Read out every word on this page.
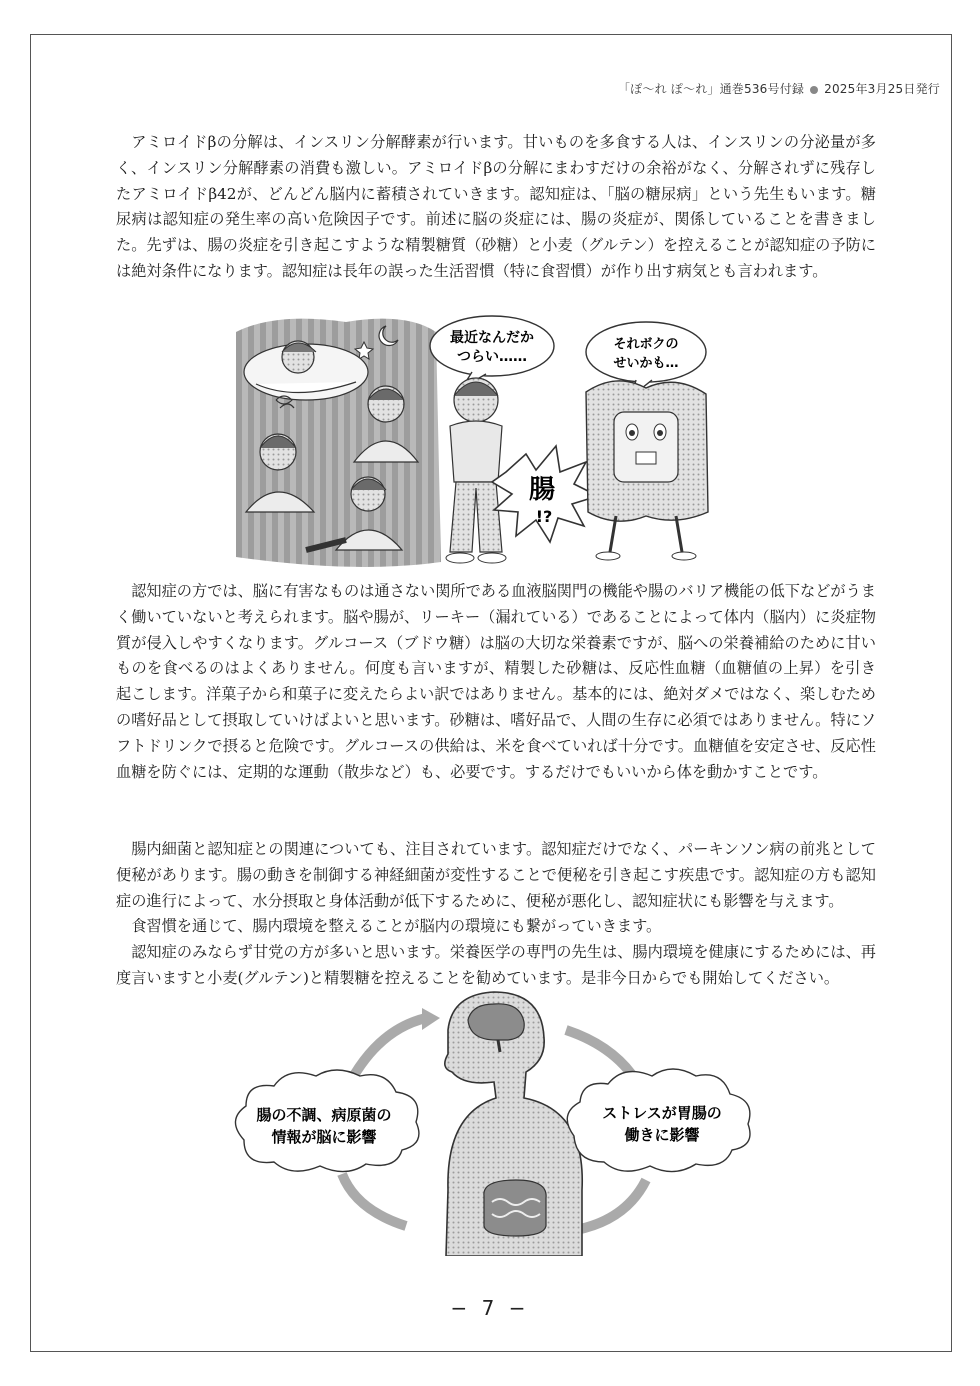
「ぽ〜れ ぽ〜れ」通巻536号付録 2025年3月25日発行

アミロイドβの分解は、インスリン分解酵素が行います。甘いものを多食する人は、インスリンの分泌量が多く、インスリン分解酵素の消費も激しい。アミロイドβの分解にまわすだけの余裕がなく、分解されずに残存したアミロイドβ42が、どんどん脳内に蓄積されていきます。認知症は、「脳の糖尿病」という先生もいます。糖尿病は認知症の発生率の高い危険因子です。前述に脳の炎症には、腸の炎症が、関係していることを書きました。先ずは、腸の炎症を引き起こすような精製糖質（砂糖）と小麦（グルテン）を控えることが認知症の予防には絶対条件になります。認知症は長年の誤った生活習慣（特に食習慣）が作り出す病気とも言われます。

最近なんだか
つらい……
それボクの
せいかも…
腸
!?

認知症の方では、脳に有害なものは通さない関所である血液脳関門の機能や腸のバリア機能の低下などがうまく働いていないと考えられます。脳や腸が、リーキー（漏れている）であることによって体内（脳内）に炎症物質が侵入しやすくなります。グルコース（ブドウ糖）は脳の大切な栄養素ですが、脳への栄養補給のために甘いものを食べるのはよくありません。何度も言いますが、精製した砂糖は、反応性血糖（血糖値の上昇）を引き起こします。洋菓子から和菓子に変えたらよい訳ではありません。基本的には、絶対ダメではなく、楽しむための嗜好品として摂取していけばよいと思います。砂糖は、嗜好品で、人間の生存に必須ではありません。特にソフトドリンクで摂ると危険です。グルコースの供給は、米を食べていれば十分です。血糖値を安定させ、反応性血糖を防ぐには、定期的な運動（散歩など）も、必要です。するだけでもいいから体を動かすことです。

腸内細菌と認知症との関連についても、注目されています。認知症だけでなく、パーキンソン病の前兆として便秘があります。腸の動きを制御する神経細菌が変性することで便秘を引き起こす疾患です。認知症の方も認知症の進行によって、水分摂取と身体活動が低下するために、便秘が悪化し、認知症状にも影響を与えます。

食習慣を通じて、腸内環境を整えることが脳内の環境にも繋がっていきます。

認知症のみならず甘党の方が多いと思います。栄養医学の専門の先生は、腸内環境を健康にするためには、再度言いますと小麦(グルテン)と精製糖を控えることを勧めています。是非今日からでも開始してください。

腸の不調、病原菌の
情報が脳に影響
ストレスが胃腸の
働きに影響
− 7 −
